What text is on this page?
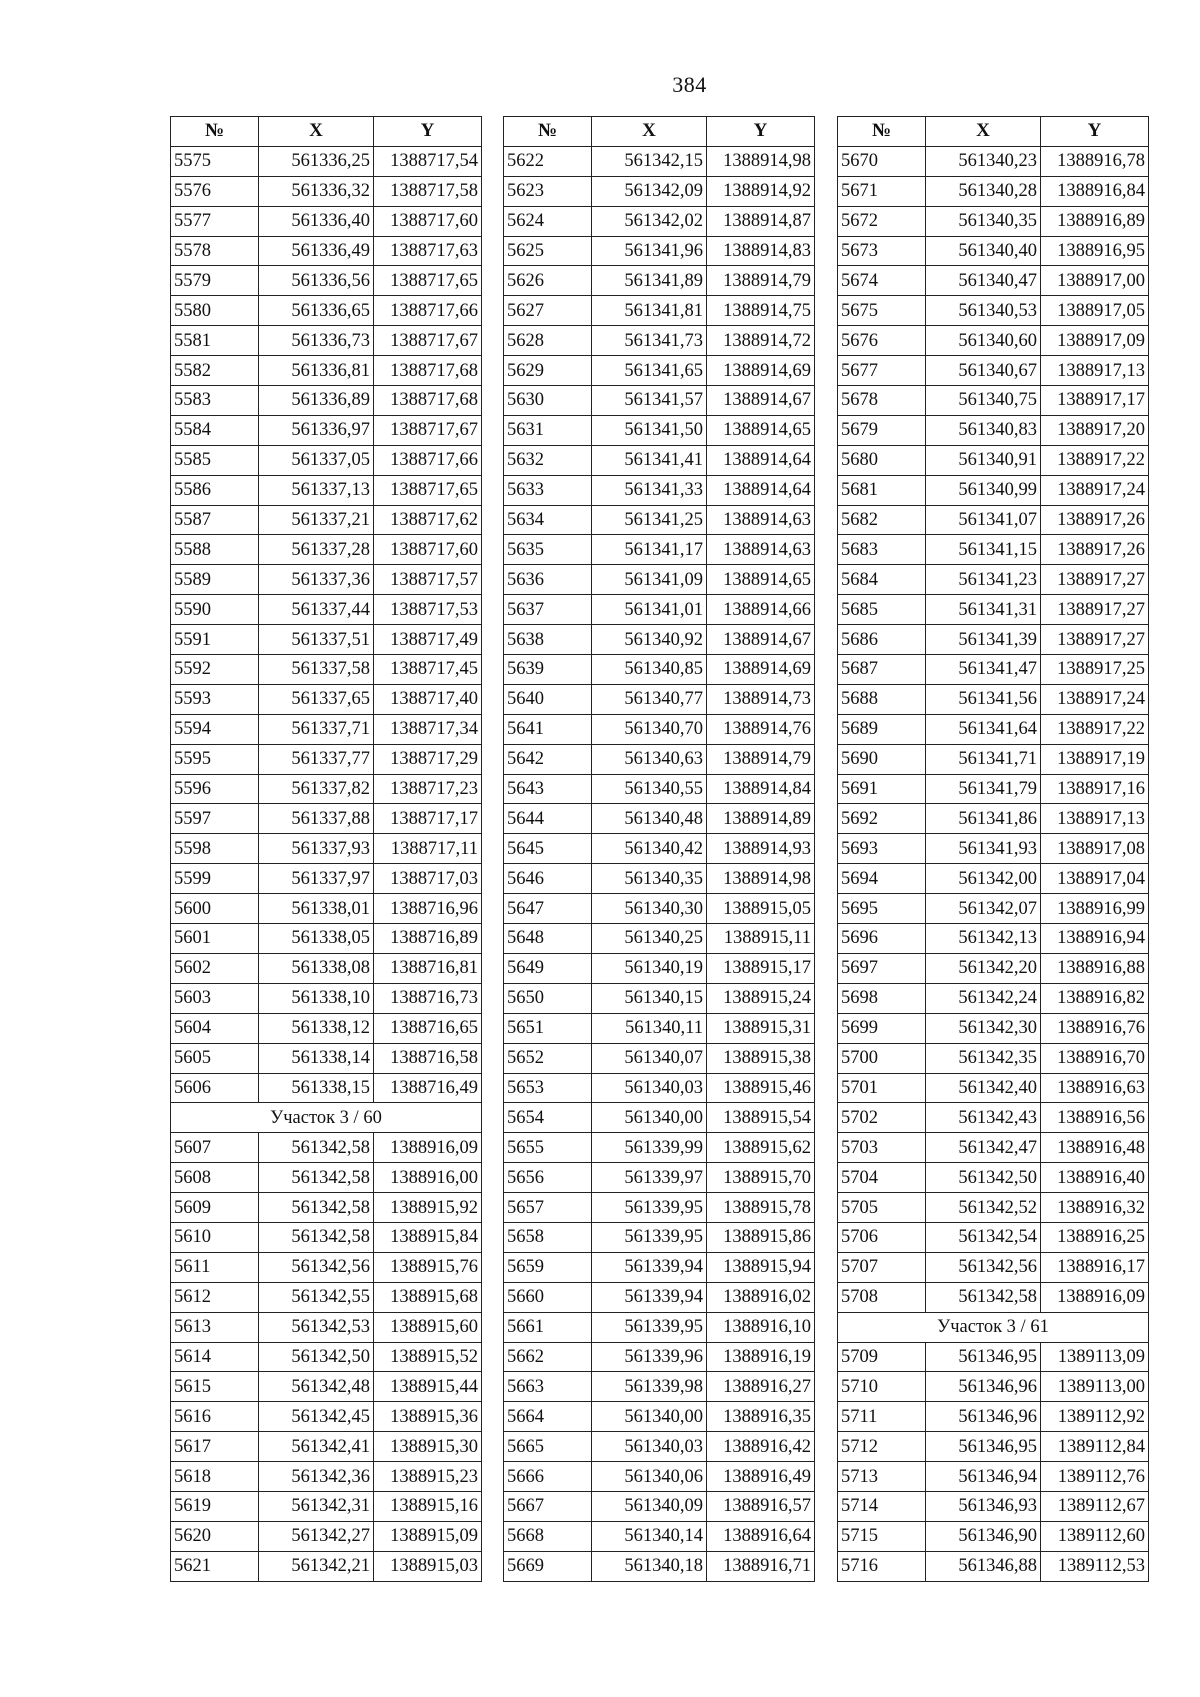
384
№	X	Y
5575	561336,25	1388717,54
5576	561336,32	1388717,58
5577	561336,40	1388717,60
5578	561336,49	1388717,63
5579	561336,56	1388717,65
5580	561336,65	1388717,66
5581	561336,73	1388717,67
5582	561336,81	1388717,68
5583	561336,89	1388717,68
5584	561336,97	1388717,67
5585	561337,05	1388717,66
5586	561337,13	1388717,65
5587	561337,21	1388717,62
5588	561337,28	1388717,60
5589	561337,36	1388717,57
5590	561337,44	1388717,53
5591	561337,51	1388717,49
5592	561337,58	1388717,45
5593	561337,65	1388717,40
5594	561337,71	1388717,34
5595	561337,77	1388717,29
5596	561337,82	1388717,23
5597	561337,88	1388717,17
5598	561337,93	1388717,11
5599	561337,97	1388717,03
5600	561338,01	1388716,96
5601	561338,05	1388716,89
5602	561338,08	1388716,81
5603	561338,10	1388716,73
5604	561338,12	1388716,65
5605	561338,14	1388716,58
5606	561338,15	1388716,49
Участок 3 / 60		
5607	561342,58	1388916,09
5608	561342,58	1388916,00
5609	561342,58	1388915,92
5610	561342,58	1388915,84
5611	561342,56	1388915,76
5612	561342,55	1388915,68
5613	561342,53	1388915,60
5614	561342,50	1388915,52
5615	561342,48	1388915,44
5616	561342,45	1388915,36
5617	561342,41	1388915,30
5618	561342,36	1388915,23
5619	561342,31	1388915,16
5620	561342,27	1388915,09
5621	561342,21	1388915,03
№	X	Y
5622	561342,15	1388914,98
5623	561342,09	1388914,92
5624	561342,02	1388914,87
5625	561341,96	1388914,83
5626	561341,89	1388914,79
5627	561341,81	1388914,75
5628	561341,73	1388914,72
5629	561341,65	1388914,69
5630	561341,57	1388914,67
5631	561341,50	1388914,65
5632	561341,41	1388914,64
5633	561341,33	1388914,64
5634	561341,25	1388914,63
5635	561341,17	1388914,63
5636	561341,09	1388914,65
5637	561341,01	1388914,66
5638	561340,92	1388914,67
5639	561340,85	1388914,69
5640	561340,77	1388914,73
5641	561340,70	1388914,76
5642	561340,63	1388914,79
5643	561340,55	1388914,84
5644	561340,48	1388914,89
5645	561340,42	1388914,93
5646	561340,35	1388914,98
5647	561340,30	1388915,05
5648	561340,25	1388915,11
5649	561340,19	1388915,17
5650	561340,15	1388915,24
5651	561340,11	1388915,31
5652	561340,07	1388915,38
5653	561340,03	1388915,46
5654	561340,00	1388915,54
5655	561339,99	1388915,62
5656	561339,97	1388915,70
5657	561339,95	1388915,78
5658	561339,95	1388915,86
5659	561339,94	1388915,94
5660	561339,94	1388916,02
5661	561339,95	1388916,10
5662	561339,96	1388916,19
5663	561339,98	1388916,27
5664	561340,00	1388916,35
5665	561340,03	1388916,42
5666	561340,06	1388916,49
5667	561340,09	1388916,57
5668	561340,14	1388916,64
5669	561340,18	1388916,71
№	X	Y
5670	561340,23	1388916,78
5671	561340,28	1388916,84
5672	561340,35	1388916,89
5673	561340,40	1388916,95
5674	561340,47	1388917,00
5675	561340,53	1388917,05
5676	561340,60	1388917,09
5677	561340,67	1388917,13
5678	561340,75	1388917,17
5679	561340,83	1388917,20
5680	561340,91	1388917,22
5681	561340,99	1388917,24
5682	561341,07	1388917,26
5683	561341,15	1388917,26
5684	561341,23	1388917,27
5685	561341,31	1388917,27
5686	561341,39	1388917,27
5687	561341,47	1388917,25
5688	561341,56	1388917,24
5689	561341,64	1388917,22
5690	561341,71	1388917,19
5691	561341,79	1388917,16
5692	561341,86	1388917,13
5693	561341,93	1388917,08
5694	561342,00	1388917,04
5695	561342,07	1388916,99
5696	561342,13	1388916,94
5697	561342,20	1388916,88
5698	561342,24	1388916,82
5699	561342,30	1388916,76
5700	561342,35	1388916,70
5701	561342,40	1388916,63
5702	561342,43	1388916,56
5703	561342,47	1388916,48
5704	561342,50	1388916,40
5705	561342,52	1388916,32
5706	561342,54	1388916,25
5707	561342,56	1388916,17
5708	561342,58	1388916,09
Участок 3 / 61		
5709	561346,95	1389113,09
5710	561346,96	1389113,00
5711	561346,96	1389112,92
5712	561346,95	1389112,84
5713	561346,94	1389112,76
5714	561346,93	1389112,67
5715	561346,90	1389112,60
5716	561346,88	1389112,53
